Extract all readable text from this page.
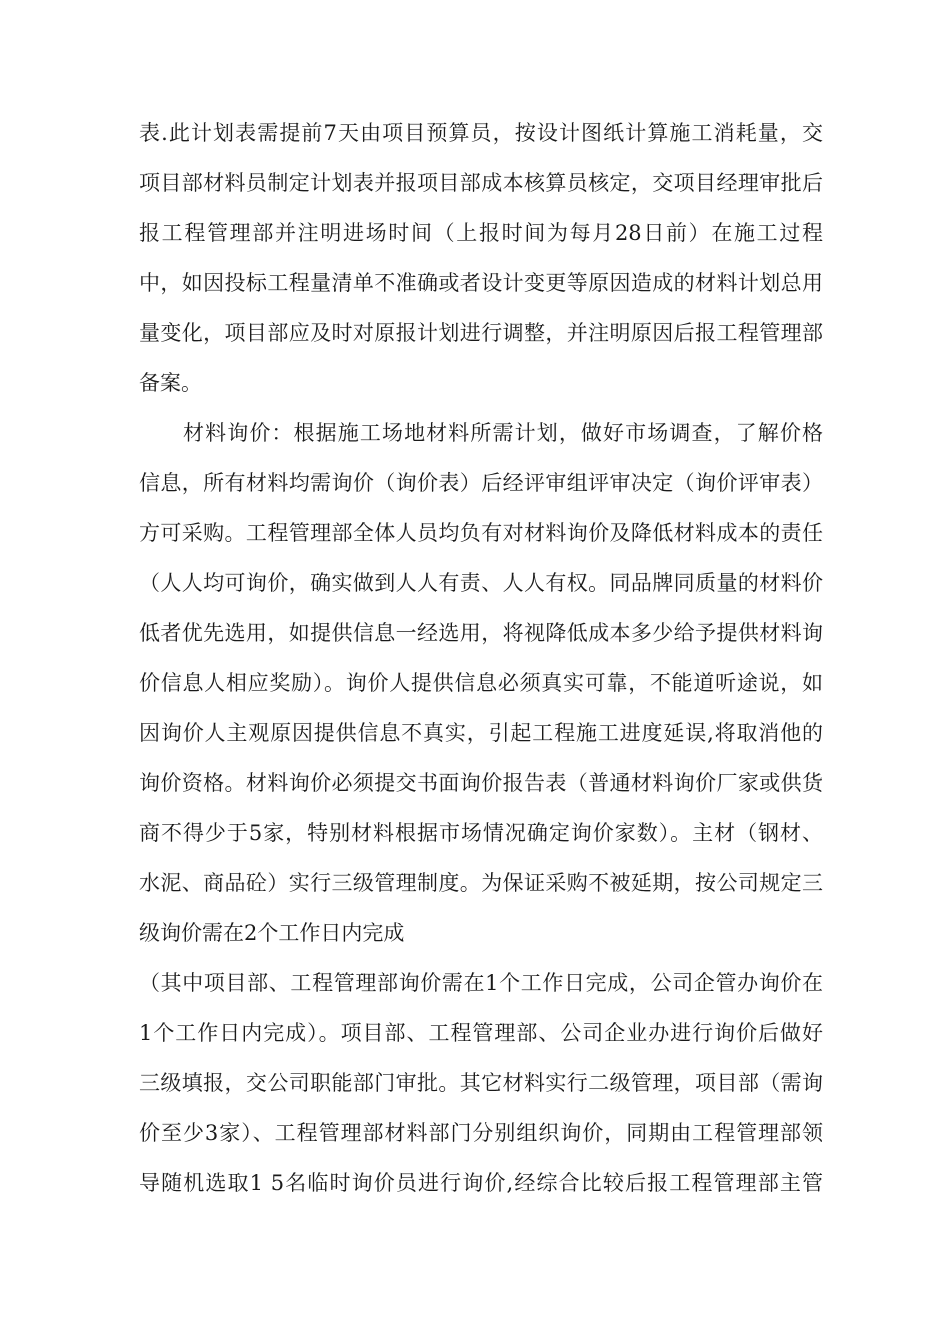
表.此计划表需提前7天由项目预算员，按设计图纸计算施工消耗量，交
项目部材料员制定计划表并报项目部成本核算员核定，交项目经理审批后
报工程管理部并注明进场时间（上报时间为每月28日前）在施工过程
中，如因投标工程量清单不准确或者设计变更等原因造成的材料计划总用
量变化，项目部应及时对原报计划进行调整，并注明原因后报工程管理部
备案。
材料询价：根据施工场地材料所需计划，做好市场调查，了解价格
信息，所有材料均需询价（询价表）后经评审组评审决定（询价评审表）
方可采购。工程管理部全体人员均负有对材料询价及降低材料成本的责任
（人人均可询价，确实做到人人有责、人人有权。同品牌同质量的材料价
低者优先选用，如提供信息一经选用，将视降低成本多少给予提供材料询
价信息人相应奖励）。询价人提供信息必须真实可靠，不能道听途说，如
因询价人主观原因提供信息不真实，引起工程施工进度延误,将取消他的
询价资格。材料询价必须提交书面询价报告表（普通材料询价厂家或供货
商不得少于5家，特别材料根据市场情况确定询价家数）。主材（钢材、
水泥、商品砼）实行三级管理制度。为保证采购不被延期，按公司规定三
级询价需在2个工作日内完成
（其中项目部、工程管理部询价需在1个工作日完成，公司企管办询价在
1个工作日内完成）。项目部、工程管理部、公司企业办进行询价后做好
三级填报，交公司职能部门审批。其它材料实行二级管理，项目部（需询
价至少3家）、工程管理部材料部门分别组织询价，同期由工程管理部领
导随机选取1 5名临时询价员进行询价,经综合比较后报工程管理部主管
